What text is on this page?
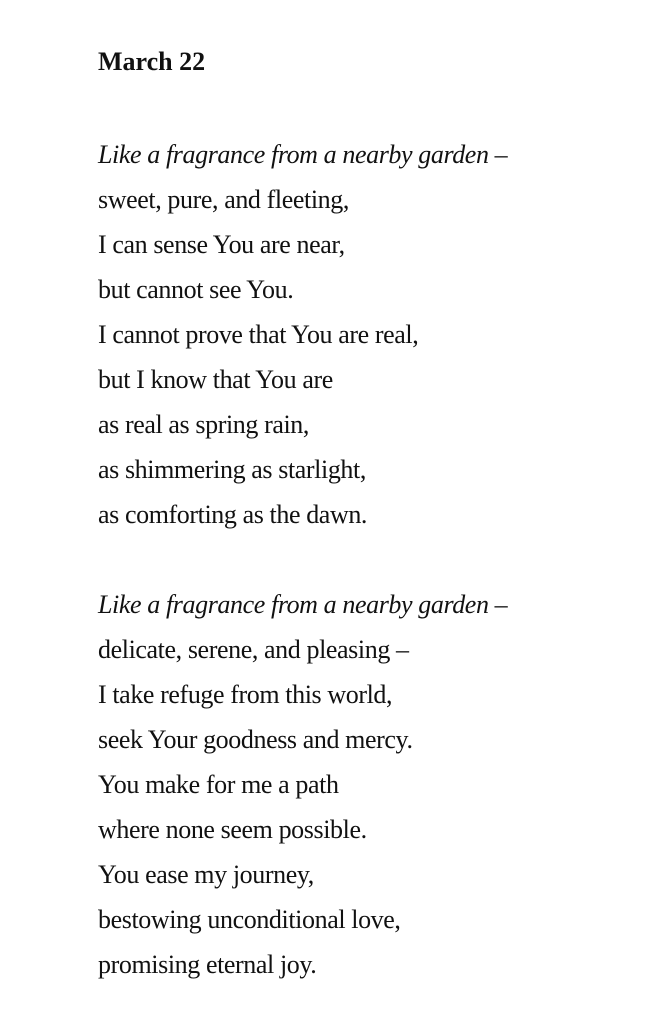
March 22
Like a fragrance from a nearby garden –
sweet, pure, and fleeting,
I can sense You are near,
but cannot see You.
I cannot prove that You are real,
but I know that You are
as real as spring rain,
as shimmering as starlight,
as comforting as the dawn.
Like a fragrance from a nearby garden –
delicate, serene, and pleasing –
I take refuge from this world,
seek Your goodness and mercy.
You make for me a path
where none seem possible.
You ease my journey,
bestowing unconditional love,
promising eternal joy.
